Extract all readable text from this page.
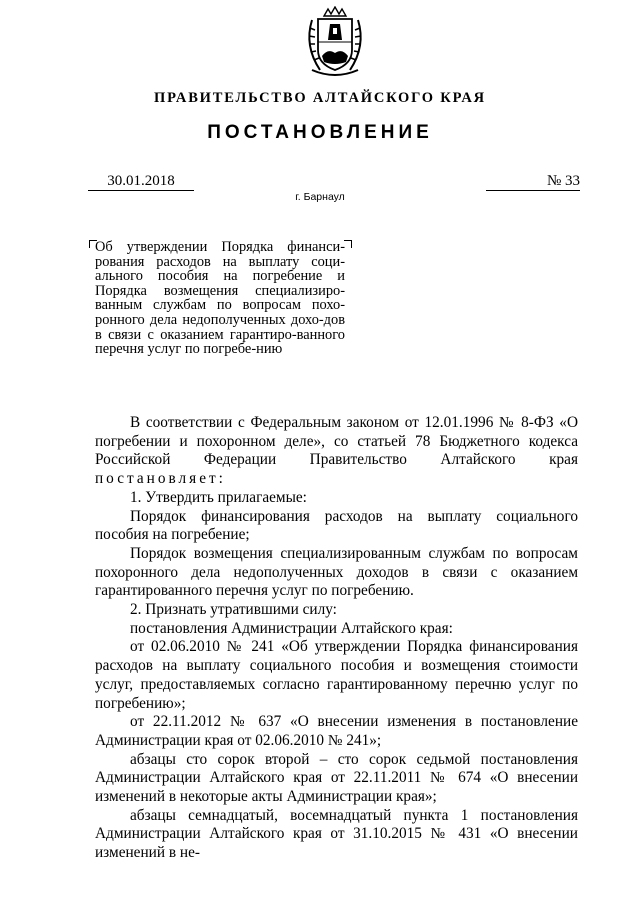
ПРАВИТЕЛЬСТВО АЛТАЙСКОГО КРАЯ
ПОСТАНОВЛЕНИЕ
30.01.2018	№ 33
г. Барнаул
Об утверждении Порядка финанси-рования расходов на выплату соци-ального пособия на погребение и Порядка возмещения специализиро-ванным службам по вопросам похо-ронного дела недополученных дохо-дов в связи с оказанием гарантиро-ванного перечня услуг по погребе-нию

В соответствии с Федеральным законом от 12.01.1996 № 8-ФЗ «О погребении и похоронном деле», со статьей 78 Бюджетного кодекса Российской Федерации Правительство Алтайского края постановляет:

1. Утвердить прилагаемые:

Порядок финансирования расходов на выплату социального пособия на погребение;

Порядок возмещения специализированным службам по вопросам похоронного дела недополученных доходов в связи с оказанием гарантированного перечня услуг по погребению.

2. Признать утратившими силу:

постановления Администрации Алтайского края:

от 02.06.2010 № 241 «Об утверждении Порядка финансирования расходов на выплату социального пособия и возмещения стоимости услуг, предоставляемых согласно гарантированному перечню услуг по погребению»;

от 22.11.2012 № 637 «О внесении изменения в постановление Администрации края от 02.06.2010 № 241»;

абзацы сто сорок второй – сто сорок седьмой постановления Администрации Алтайского края от 22.11.2011 № 674 «О внесении изменений в некоторые акты Администрации края»;

абзацы семнадцатый, восемнадцатый пункта 1 постановления Администрации Алтайского края от 31.10.2015 № 431 «О внесении изменений в не-
